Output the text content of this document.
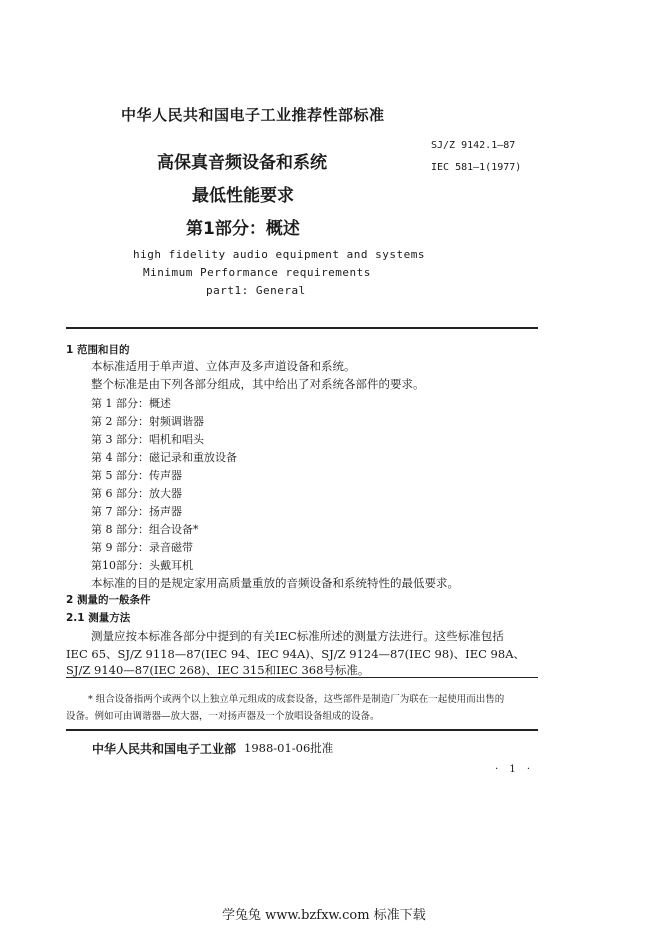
中华人民共和国电子工业推荐性部标准
SJ/Z 9142.1—87
IEC 581—1(1977)
高保真音频设备和系统
最低性能要求
第1部分：概述
high fidelity audio equipment and systems
Minimum Performance requirements
part1: General
1 范围和目的
本标准适用于单声道、立体声及多声道设备和系统。
整个标准是由下列各部分组成，其中给出了对系统各部件的要求。
第 1 部分：概述
第 2 部分：射频调谐器
第 3 部分：唱机和唱头
第 4 部分：磁记录和重放设备
第 5 部分：传声器
第 6 部分：放大器
第 7 部分：扬声器
第 8 部分：组合设备*
第 9 部分：录音磁带
第10部分：头戴耳机
本标准的目的是规定家用高质量重放的音频设备和系统特性的最低要求。
2 测量的一般条件
2.1 测量方法
测量应按本标准各部分中提到的有关IEC标准所述的测量方法进行。这些标准包括
IEC 65、SJ/Z 9118—87(IEC 94、IEC 94A)、SJ/Z 9124—87(IEC 98)、IEC 98A、
SJ/Z 9140—87(IEC 268)、IEC 315和IEC 368号标准。
* 组合设备指两个或两个以上独立单元组成的成套设备，这些部件是制造厂为联在一起使用而出售的
设备。例如可由调谐器—放大器，一对扬声器及一个放唱设备组成的设备。
中华人民共和国电子工业部 1988-01-06批准
· 1 ·
学兔兔 www.bzfxw.com 标准下载
